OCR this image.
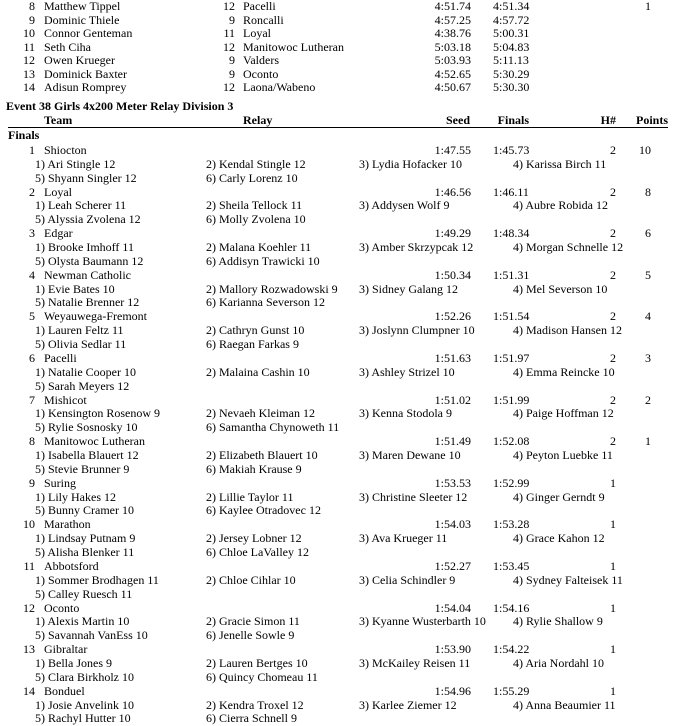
8 Matthew Tippel	12 Pacelli	4:51.74 4:51.34	1
9 Dominic Thiele	9 Roncalli	4:57.25 4:57.72
10 Connor Genteman	11 Loyal	4:38.76 5:00.31
11 Seth Ciha	12 Manitowoc Lutheran	5:03.18 5:04.83
12 Owen Krueger	9 Valders	5:03.93 5:11.13
13 Dominick Baxter	9 Oconto	4:52.65 5:30.29
14 Adisun Romprey	12 Laona/Wabeno	4:50.67 5:30.30
Event 38 Girls 4x200 Meter Relay Division 3
Team	Relay	Seed Finals	H# Points
Finals
1 Shiocton	1:47.55 1:45.73	2 10
1) Ari Stingle 12	2) Kendal Stingle 12	3) Lydia Hofacker 10	4) Karissa Birch 11
5) Shyann Singler 12	6) Carly Lorenz 10
2 Loyal	1:46.56 1:46.11	2 8
1) Leah Scherer 11	2) Sheila Tellock 11	3) Addysen Wolf 9	4) Aubre Robida 12
5) Alyssia Zvolena 12	6) Molly Zvolena 10
3 Edgar	1:49.29 1:48.34	2 6
1) Brooke Imhoff 11	2) Malana Koehler 11	3) Amber Skrzypcak 12	4) Morgan Schnelle 12
5) Olysta Baumann 12	6) Addisyn Trawicki 10
4 Newman Catholic	1:50.34 1:51.31	2 5
1) Evie Bates 10	2) Mallory Rozwadowski 9 3) Sidney Galang 12	4) Mel Severson 10
5) Natalie Brenner 12	6) Karianna Severson 12
5 Weyauwega-Fremont	1:52.26 1:51.54	2 4
1) Lauren Feltz 11	2) Cathryn Gunst 10	3) Joslynn Clumpner 10	4) Madison Hansen 12
5) Olivia Sedlar 11	6) Raegan Farkas 9
6 Pacelli	1:51.63 1:51.97	2 3
1) Natalie Cooper 10	2) Malaina Cashin 10	3) Ashley Strizel 10	4) Emma Reincke 10
5) Sarah Meyers 12
7 Mishicot	1:51.02 1:51.99	2 2
1) Kensington Rosenow 9	2) Nevaeh Kleiman 12	3) Kenna Stodola 9	4) Paige Hoffman 12
5) Rylie Sosnosky 10	6) Samantha Chynoweth 11
8 Manitowoc Lutheran	1:51.49 1:52.08	2 1
1) Isabella Blauert 12	2) Elizabeth Blauert 10	3) Maren Dewane 10	4) Peyton Luebke 11
5) Stevie Brunner 9	6) Makiah Krause 9
9 Suring	1:53.53 1:52.99	1
1) Lily Hakes 12	2) Lillie Taylor 11	3) Christine Sleeter 12	4) Ginger Gerndt 9
5) Bunny Cramer 10	6) Kaylee Otradovec 12
10 Marathon	1:54.03 1:53.28	1
1) Lindsay Putnam 9	2) Jersey Lobner 12	3) Ava Krueger 11	4) Grace Kahon 12
5) Alisha Blenker 11	6) Chloe LaValley 12
11 Abbotsford	1:52.27 1:53.45	1
1) Sommer Brodhagen 11	2) Chloe Cihlar 10	3) Celia Schindler 9	4) Sydney Falteisek 11
5) Calley Ruesch 11
12 Oconto	1:54.04 1:54.16	1
1) Alexis Martin 10	2) Gracie Simon 11	3) Kyanne Wusterbarth 10 4) Rylie Shallow 9
5) Savannah VanEss 10	6) Jenelle Sowle 9
13 Gibraltar	1:53.90 1:54.22	1
1) Bella Jones 9	2) Lauren Bertges 10	3) McKailey Reisen 11	4) Aria Nordahl 10
5) Clara Birkholz 10	6) Quincy Chomeau 11
14 Bonduel	1:54.96 1:55.29	1
1) Josie Anvelink 10	2) Kendra Troxel 12	3) Karlee Ziemer 12	4) Anna Beaumier 11
5) Rachyl Hutter 10	6) Cierra Schnell 9
